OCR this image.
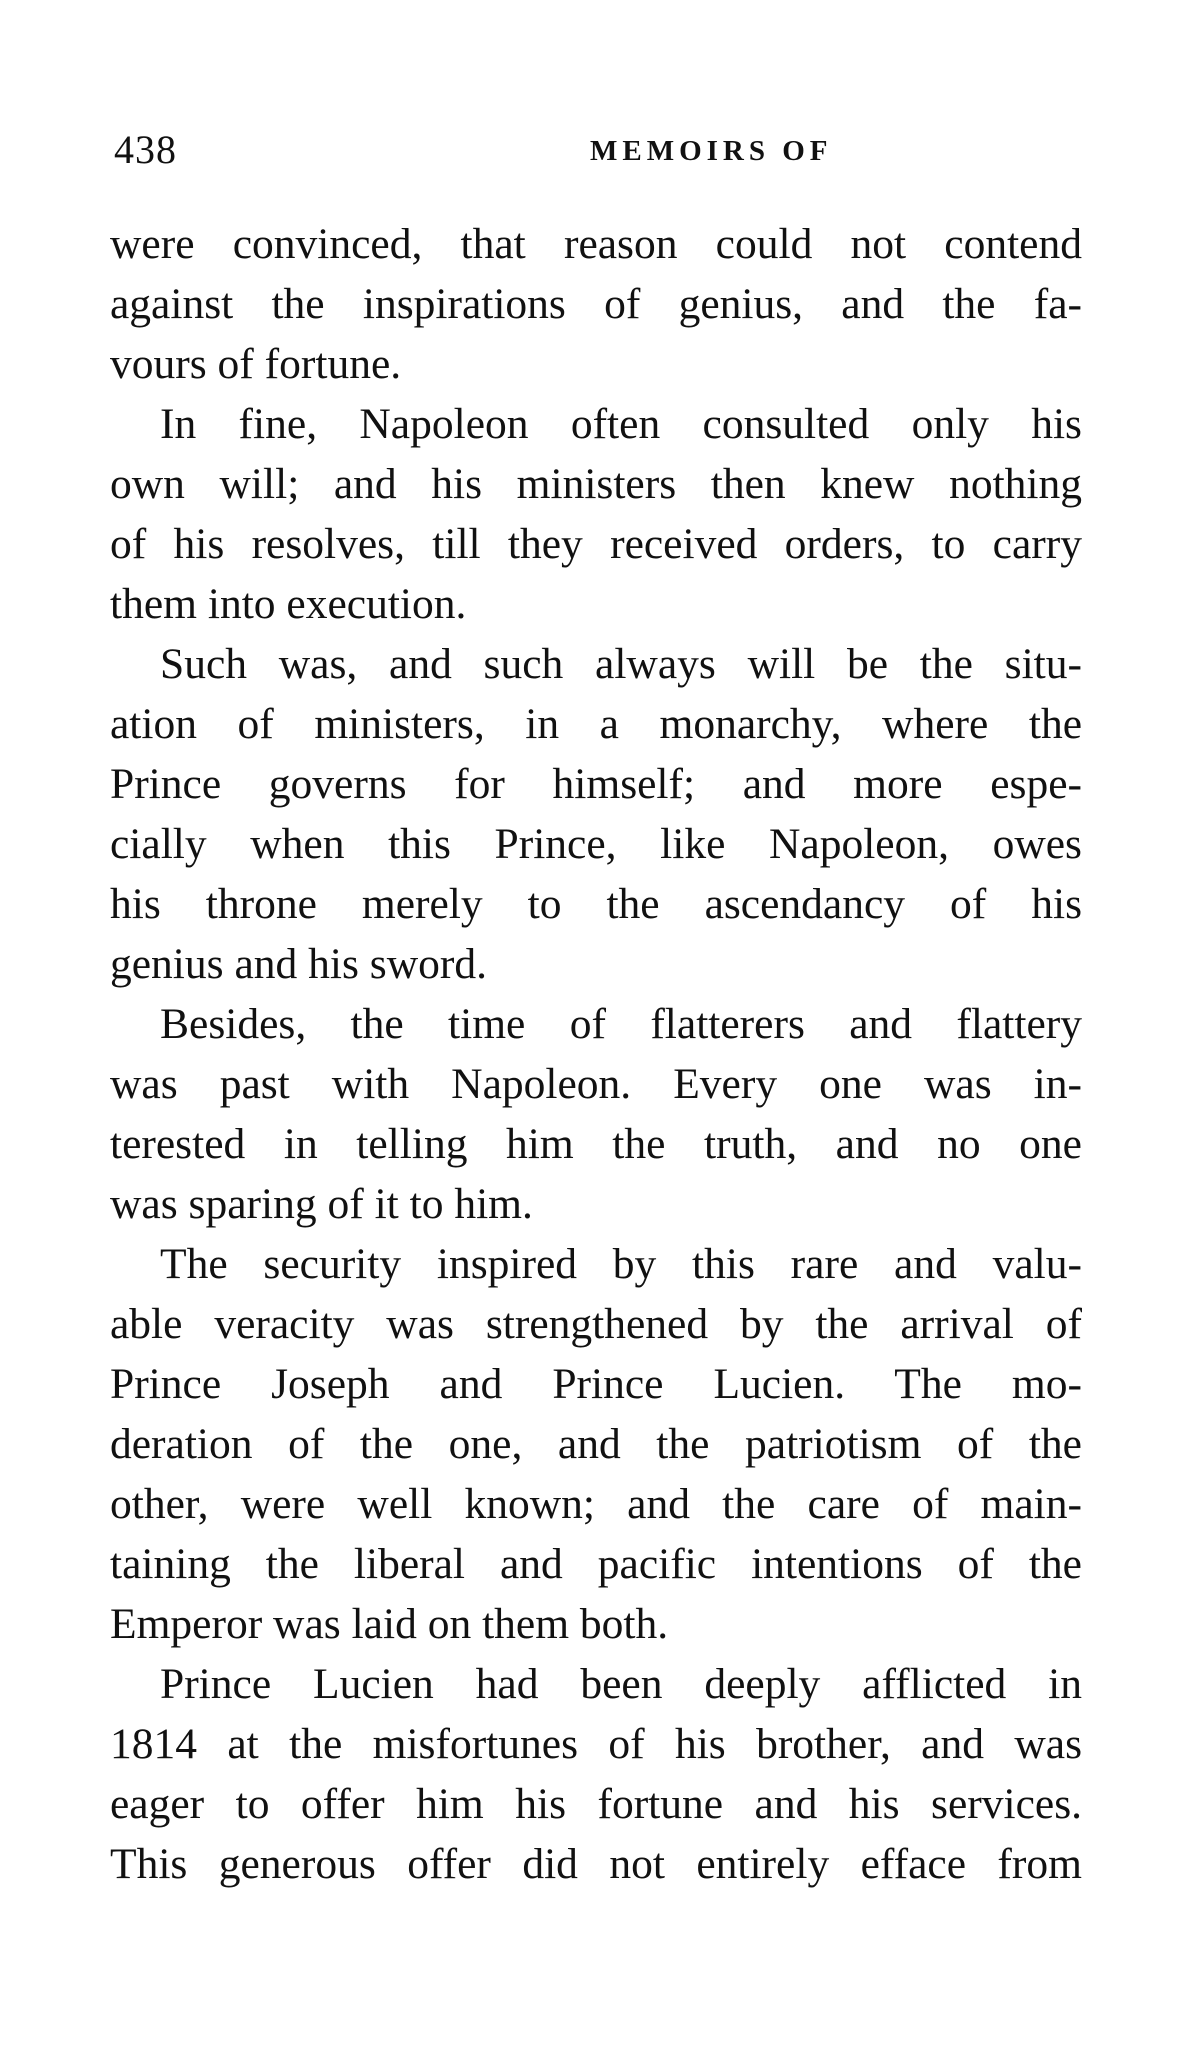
438	MEMOIRS OF
were convinced, that reason could not contend
against the inspirations of genius, and the fa-
vours of fortune.
In fine, Napoleon often consulted only his
own will; and his ministers then knew nothing
of his resolves, till they received orders, to carry
them into execution.
Such was, and such always will be the situ-
ation of ministers, in a monarchy, where the
Prince governs for himself; and more espe-
cially when this Prince, like Napoleon, owes
his throne merely to the ascendancy of his
genius and his sword.
Besides, the time of flatterers and flattery
was past with Napoleon. Every one was in-
terested in telling him the truth, and no one
was sparing of it to him.
The security inspired by this rare and valu-
able veracity was strengthened by the arrival of
Prince Joseph and Prince Lucien. The mo-
deration of the one, and the patriotism of the
other, were well known; and the care of main-
taining the liberal and pacific intentions of the
Emperor was laid on them both.
Prince Lucien had been deeply afflicted in
1814 at the misfortunes of his brother, and was
eager to offer him his fortune and his services.
This generous offer did not entirely efface from
